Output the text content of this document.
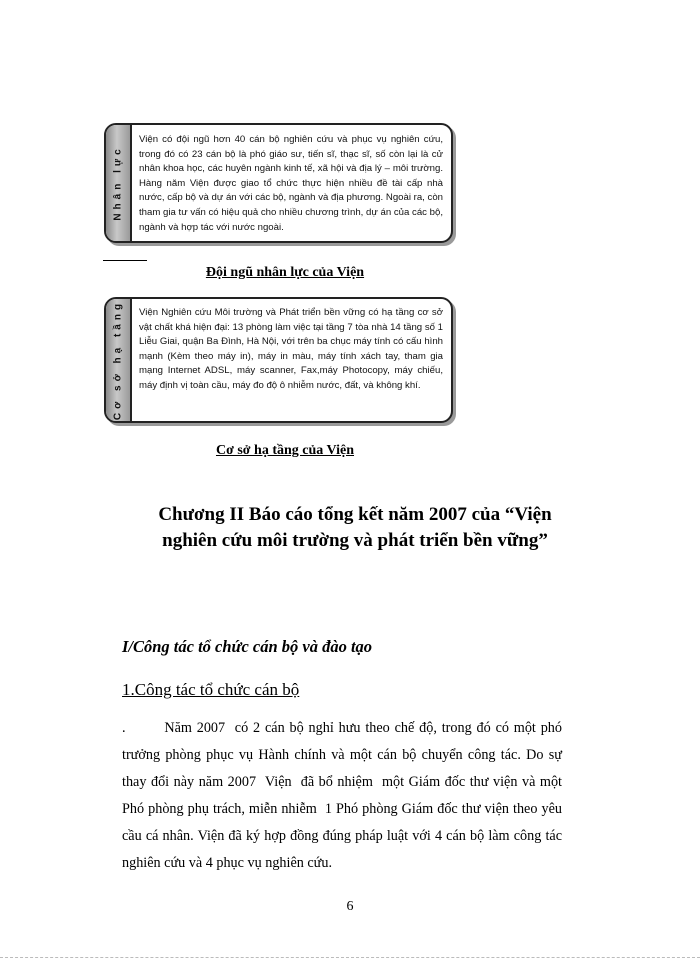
Nhân lực
Viện có đội ngũ hơn 40 cán bộ nghiên cứu và phục vụ nghiên cứu, trong đó có 23 cán bộ là phó giáo sư, tiến sĩ, thạc sĩ, số còn lại là cử nhân khoa học, các huyên ngành kinh tế, xã hội và địa lý – môi trường. Hàng năm Viện được giao tổ chức thực hiện nhiều đề tài cấp nhà nước, cấp bộ và dự án với các bộ, ngành và địa phương. Ngoài ra, còn tham gia tư vấn có hiệu quả cho nhiều chương trình, dự án của các bộ, ngành và hợp tác với nước ngoài.
Đội ngũ nhân lực của Viện
Cơ sở hạ tầng Viện Nghiên cứu Môi trường và Phát triển bền vững có hạ tầng cơ sở vật chất khá hiện đại: 13 phòng làm việc tại tầng 7 tòa nhà 14 tầng số 1 Liễu Giai, quận Ba Đình, Hà Nội, với trên ba chục máy tính có cấu hình mạnh (Kèm theo máy in), máy in màu, máy tính xách tay, tham gia mạng Internet ADSL, máy scanner, Fax,máy Photocopy, máy chiếu, máy định vị toàn cầu, máy đo độ ô nhiễm nước, đất, và không khí.
Cơ sở hạ tầng của Viện
Chương II Báo cáo tổng kết năm 2007 của “Viện
nghiên cứu môi trường và phát triển bền vững”
I/Công tác tổ chức cán bộ và đào tạo
1.Công tác tổ chức cán bộ
.        Năm 2007  có 2 cán bộ nghỉ hưu theo chế độ, trong đó có một phó trưởng phòng phục vụ Hành chính và một cán bộ chuyển công tác. Do sự thay đổi này năm 2007  Viện  đã bổ nhiệm  một Giám đốc thư viện và một Phó phòng phụ trách, miễn nhiễm  1 Phó phòng Giám đốc thư viện theo yêu cầu cá nhân. Viện đã ký hợp đồng đúng pháp luật với 4 cán bộ làm công tác nghiên cứu và 4 phục vụ nghiên cứu.
6
